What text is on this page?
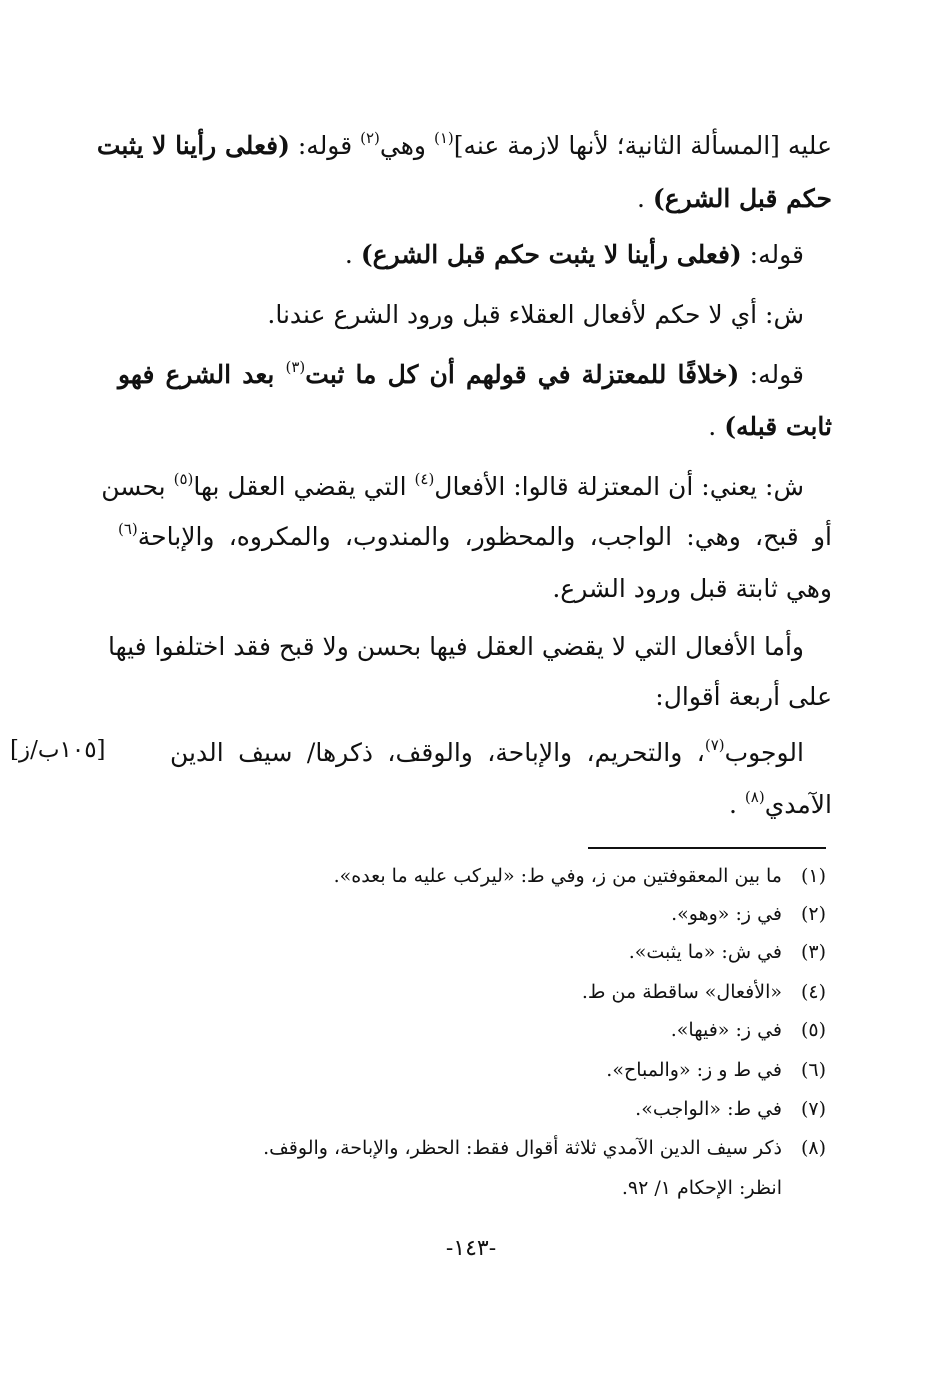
عليه [المسألة الثانية؛ لأنها لازمة عنه]$^{(١)}$ وهي$^{(٢)}$ قوله: (فعلى رأينا لا يثبت
حكم قبل الشرع) .
قوله: (فعلى رأينا لا يثبت حكم قبل الشرع) .
ش: أي لا حكم لأفعال العقلاء قبل ورود الشرع عندنا.
قوله: (خلافًا للمعتزلة في قولهم أن كل ما ثبت$^{(٣)}$ بعد الشرع فهو
ثابت قبله) .
ش: يعني: أن المعتزلة قالوا: الأفعال$^{(٤)}$ التي يقضي العقل بها$^{(٥)}$ بحسن
أو قبح، وهي: الواجب، والمحظور، والمندوب، والمكروه، والإباحة$^{(٦)}$
وهي ثابتة قبل ورود الشرع.
وأما الأفعال التي لا يقضي العقل فيها بحسن ولا قبح فقد اختلفوا فيها
على أربعة أقوال:
الوجوب$^{(٧)}$، والتحريم، والإباحة، والوقف، ذكرها/ سيف الدين
[١٠٥ب/ز]
الآمدي$^{(٨)}$ .
(١)ما بين المعقوفتين من ز، وفي ط: «ليركب عليه ما بعده».
(٢)في ز: «وهو».
(٣)في ش: «ما يثبت».
(٤)«الأفعال» ساقطة من ط.
(٥)في ز: «فيها».
(٦)في ط و ز: «والمباح».
(٧)في ط: «الواجب».
(٨)ذكر سيف الدين الآمدي ثلاثة أقوال فقط: الحظر، والإباحة، والوقف.
انظر: الإحكام ١/ ٩٢.
-١٤٣-
